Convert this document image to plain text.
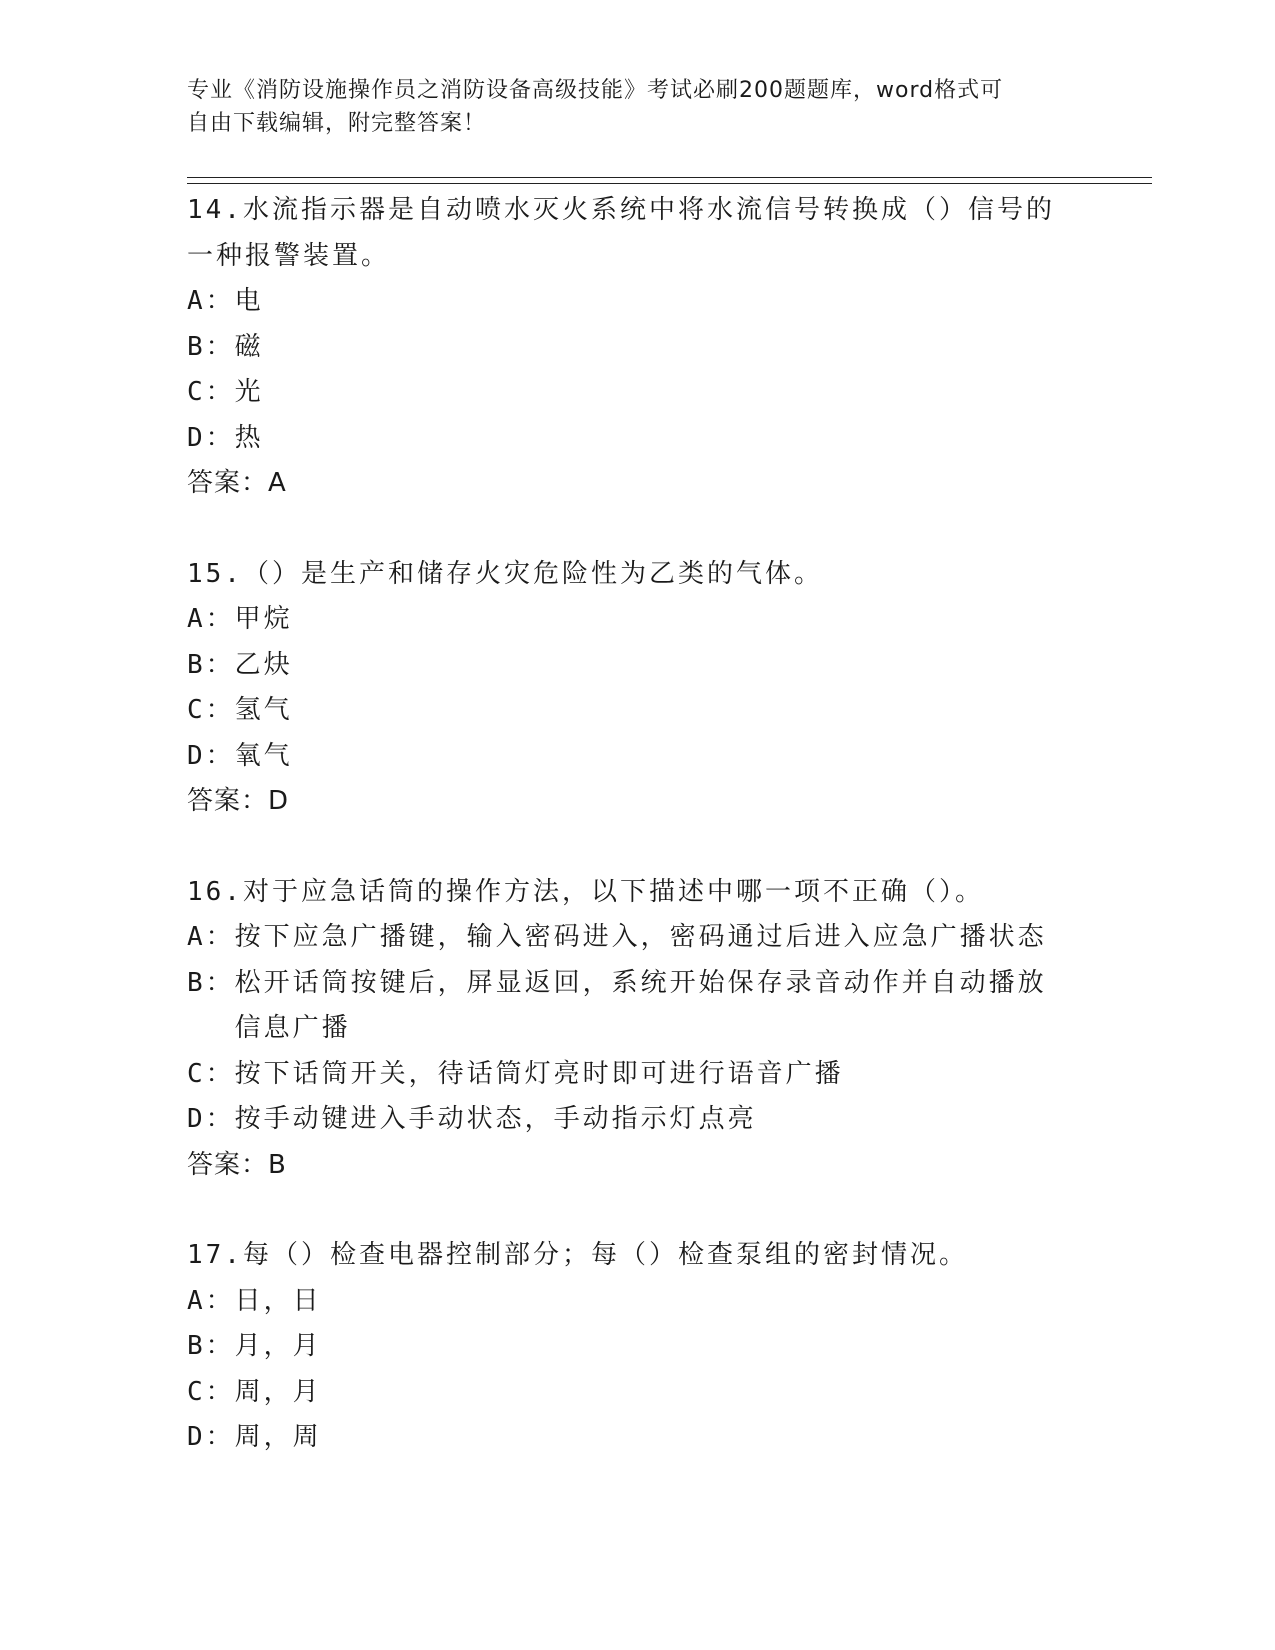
专业《消防设施操作员之消防设备高级技能》考试必刷200题题库，word格式可
自由下载编辑，附完整答案！

14.水流指示器是自动喷水灭火系统中将水流信号转换成（）信号的一种报警装置。

A： 电
B： 磁
C： 光
D： 热

答案：A

15.（）是生产和储存火灾危险性为乙类的气体。

A： 甲烷
B： 乙炔
C： 氢气
D： 氧气

答案：D

16.对于应急话筒的操作方法，以下描述中哪一项不正确（）。

A： 按下应急广播键，输入密码进入，密码通过后进入应急广播状态
B： 松开话筒按键后，屏显返回，系统开始保存录音动作并自动播放信息广播
C： 按下话筒开关，待话筒灯亮时即可进行语音广播
D： 按手动键进入手动状态，手动指示灯点亮

答案：B

17.每（）检查电器控制部分；每（）检查泵组的密封情况。

A： 日，日
B： 月，月
C： 周，月
D： 周，周
